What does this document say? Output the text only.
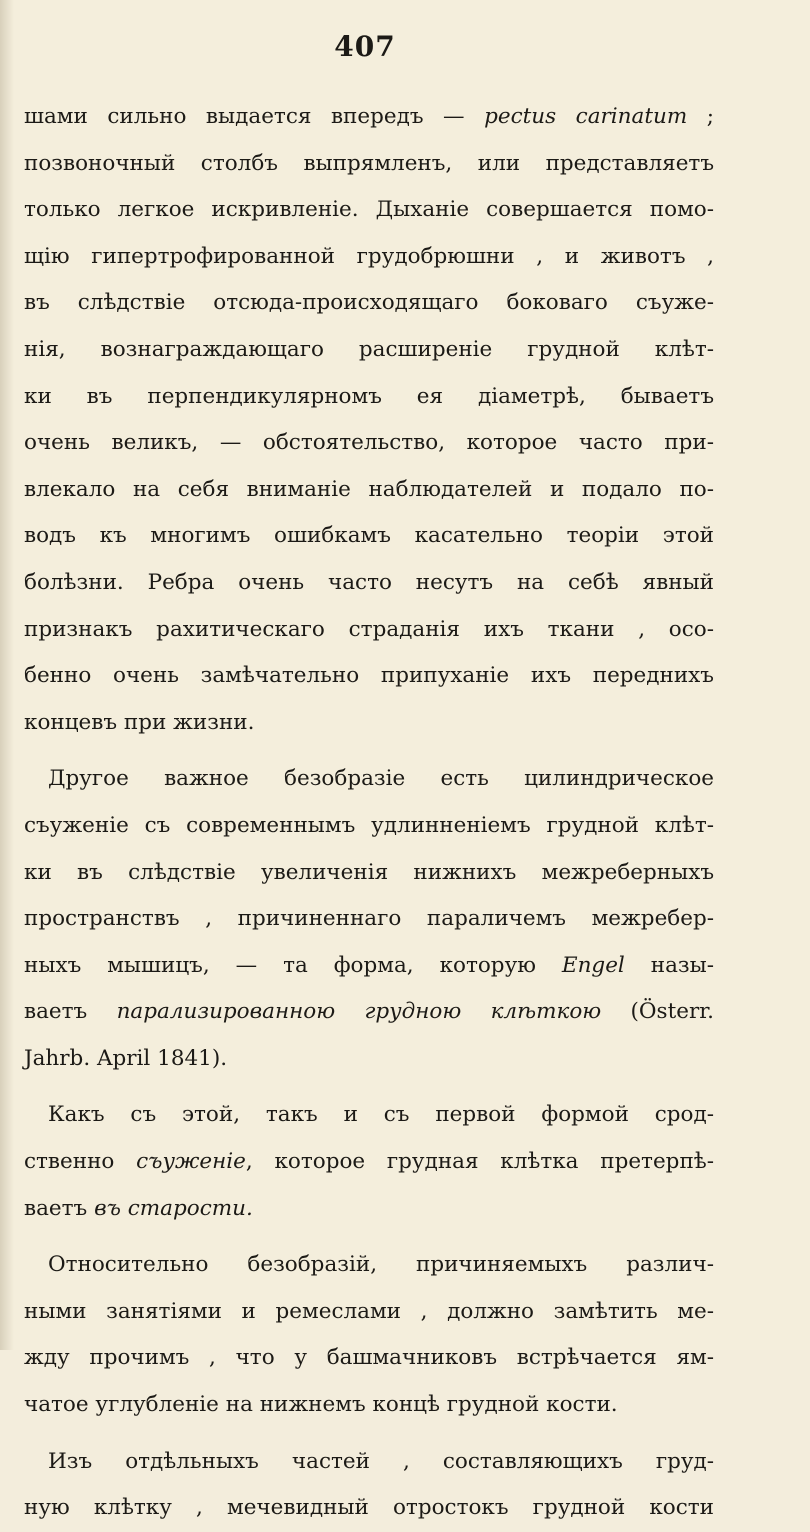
407
шами сильно выдается впередъ — pectus carinatum ;
позвоночный столбъ выпрямленъ, или представляетъ
только легкое искривленіе. Дыханіе совершается помо-
щію гипертрофированной грудобрюшни , и животъ ,
въ слѣдствіе отсюда-происходящаго боковаго съуже-
нія, вознаграждающаго расширеніе грудной клѣт-
ки въ перпендикулярномъ ея діаметрѣ, бываетъ
очень великъ, — обстоятельство, которое часто при-
влекало на себя вниманіе наблюдателей и подало по-
водъ къ многимъ ошибкамъ касательно теоріи этой
болѣзни. Ребра очень часто несутъ на себѣ явный
признакъ рахитическаго страданія ихъ ткани , осо-
бенно очень замѣчательно припуханіе ихъ переднихъ
концевъ при жизни.
Другое важное безобразіе есть цилиндрическое
съуженіе съ современнымъ удлинненіемъ грудной клѣт-
ки въ слѣдствіе увеличенія нижнихъ межреберныхъ
пространствъ , причиненнаго параличемъ межребер-
ныхъ мышицъ, — та форма, которую Engel назы-
ваетъ парализированною грудною клѣткою (Österr.
Jahrb. April 1841).
Какъ съ этой, такъ и съ первой формой срод-
ственно съуженіе, которое грудная клѣтка претерпѣ-
ваетъ въ старости.
Относительно безобразій, причиняемыхъ различ-
ными занятіями и ремеслами , должно замѣтить ме-
жду прочимъ , что у башмачниковъ встрѣчается ям-
чатое углубленіе на нижнемъ концѣ грудной кости.
Изъ отдѣльныхъ частей , составляющихъ груд-
ную клѣтку , мечевидный отростокъ грудной кости
